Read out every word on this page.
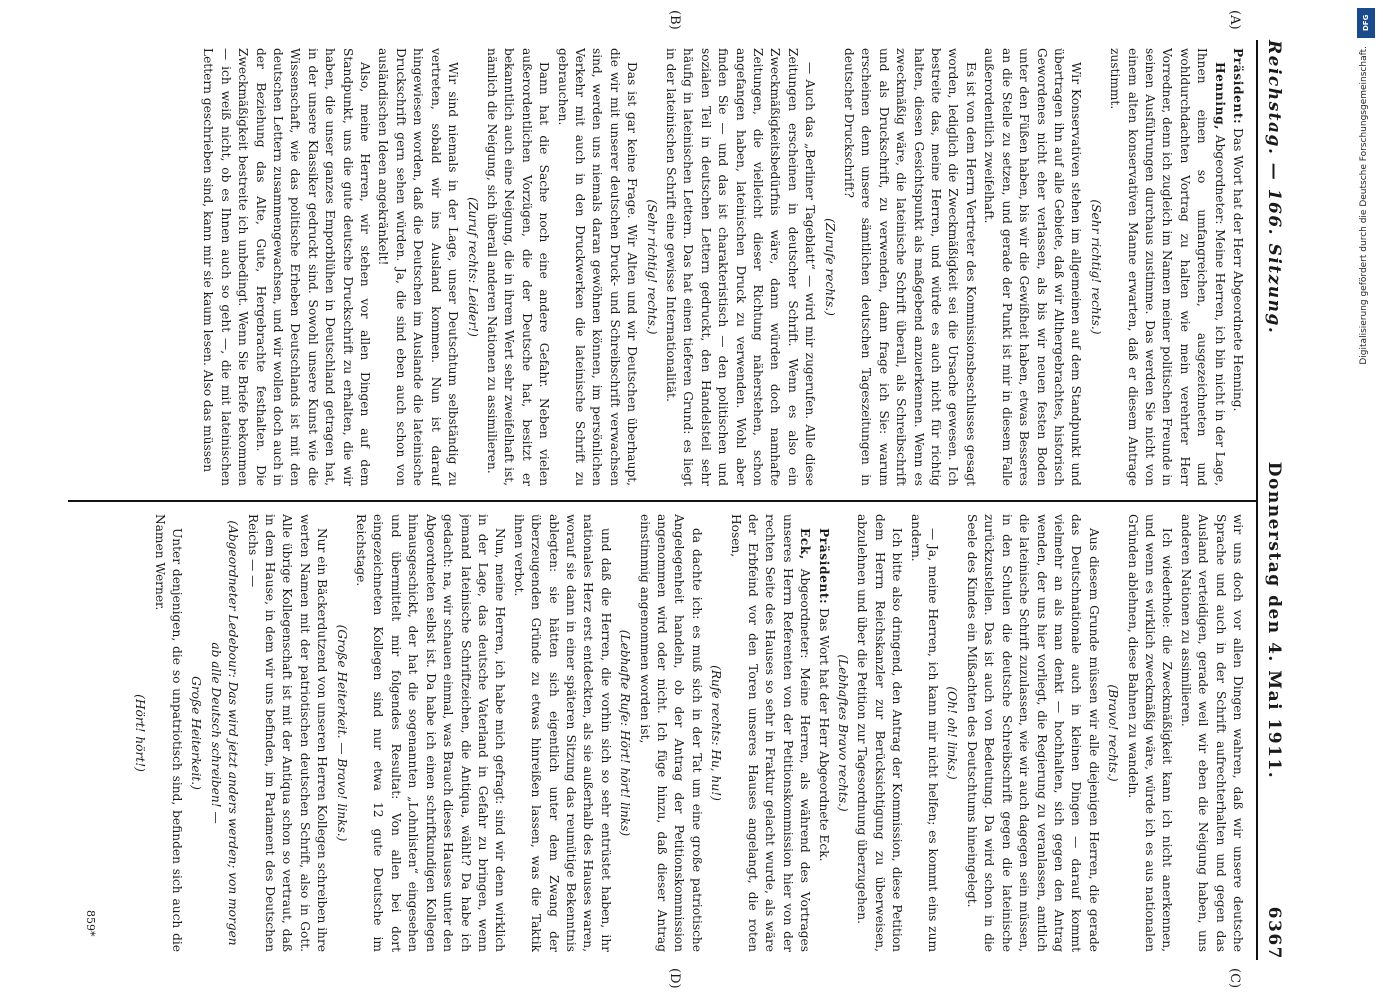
Reichstag. — 166. Sitzung.
Donnerstag den 4. Mai 1911.
6367
(A)
(B)
(C)
(D)

Präsident: Das Wort hat der Herr Abgeordnete Henning.

Henning, Abgeordneter: Meine Herren, ich bin nicht in der Lage, Ihnen einen so umfangreichen, ausgezeichneten und wohldurchdachten Vortrag zu halten wie mein verehrter Herr Vorredner, denn ich zugleich im Namen meiner politischen Freunde in seinen Ausführungen durchaus zustimme. Das werden Sie nicht von einem alten konservativen Manne erwarten, daß er diesem Antrage zustimmt.

(Sehr richtig! rechts.)

Wir Konservativen stehen im allgemeinen auf dem Standpunkt und übertragen ihn auf alle Gebiete, daß wir Althergebrachtes, historisch Gewordenes nicht eher verlassen, als bis wir neuen festen Boden unter den Füßen haben, bis wir die Gewißheit haben, etwas Besseres an die Stelle zu setzen, und gerade der Punkt ist mir in diesem Falle außerordentlich zweifelhaft.

Es ist von dem Herrn Vertreter des Kommissionsbeschlusses gesagt worden, lediglich die Zweckmäßigkeit sei die Ursache gewesen. Ich bestreite das, meine Herren, und würde es auch nicht für richtig halten, diesen Gesichtspunkt als maßgebend anzuerkennen. Wenn es zweckmäßig wäre, die lateinische Schrift überall, als Schreibschrift und als Druckschrift, zu verwenden, dann frage ich Sie: warum erscheinen denn unsere sämtlichen deutschen Tageszeitungen in deutscher Druckschrift?

(Zurufe rechts.)

— Auch das „Berliner Tageblatt“ — wird mir zugerufen. Alle diese Zeitungen erscheinen in deutscher Schrift. Wenn es also ein Zweckmäßigkeitsbedürfnis wäre, dann würden doch namhafte Zeitungen, die vielleicht dieser Richtung näherstehen, schon angefangen haben, lateinischen Druck zu verwenden. Wohl aber finden Sie — und das ist charakteristisch — den politischen und sozialen Teil in deutschen Lettern gedruckt, den Handelsteil sehr häufig in lateinischen Lettern. Das hat einen tieferen Grund: es liegt in der lateinischen Schrift eine gewisse Internationalität.

(Sehr richtig! rechts.)

Das ist gar keine Frage. Wir Alten und wir Deutschen überhaupt, die wir mit unserer deutschen Druck- und Schreibschrift verwachsen sind, werden uns niemals daran gewöhnen können, im persönlichen Verkehr mit auch in den Druckwerken die lateinische Schrift zu gebrauchen.

Dann hat die Sache noch eine andere Gefahr. Neben vielen außerordentlichen Vorzügen, die der Deutsche hat, besitzt er bekanntlich auch eine Neigung, die in ihrem Wert sehr zweifelhaft ist, nämlich die Neigung, sich überall anderen Nationen zu assimilieren.

(Zuruf rechts: Leider!)

Wir sind niemals in der Lage, unser Deutschtum selbständig zu vertreten, sobald wir ins Ausland kommen. Nun ist darauf hingewiesen worden, daß die Deutschen im Auslande die lateinische Druckschrift gern sehen würden. Ja, die sind eben auch schon von ausländischen Ideen angekränkelt!

Also, meine Herren, wir stehen vor allen Dingen auf dem Standpunkt, uns die gute deutsche Druckschrift zu erhalten, die wir haben, die unser ganzes Emporblühen in Deutschland getragen hat, in der unsere Klassiker gedruckt sind. Sowohl unsere Kunst wie die Wissenschaft, wie das politische Erheben Deutschlands ist mit den deutschen Lettern zusammengewachsen, und wir wollen doch auch in der Beziehung das Alte, Gute, Hergebrachte festhalten. Die Zweckmäßigkeit bestreite ich unbedingt. Wenn Sie Briefe bekommen — ich weiß nicht, ob es Ihnen auch so geht —, die mit lateinischen Lettern geschrieben sind, kann mir sie kaum lesen. Also das müssen

wir uns doch vor allen Dingen wahren, daß wir unsere deutsche Sprache und auch in der Schrift aufrechterhalten und gegen das Ausland verteidigen, gerade weil wir eben die Neigung haben, uns anderen Nationen zu assimilieren.

Ich wiederhole: die Zweckmäßigkeit kann ich nicht anerkennen, und wenn es wirklich zweckmäßig wäre, würde ich es aus nationalen Gründen ablehnen, diese Bahnen zu wandeln.

(Bravo! rechts.)

Aus diesem Grunde müssen wir alle diejenigen Herren, die gerade das Deutschnationale auch in kleinen Dingen — darauf kommt vielmehr an als man denkt — hochhalten, sich gegen den Antrag wenden, der uns hier vorliegt, die Regierung zu veranlassen, amtlich die lateinische Schrift zuzulassen, wie wir auch dagegen sein müssen, in den Schulen die deutsche Schreibschrift gegen die lateinische zurückzustellen. Das ist auch von Bedeutung. Da wird schon in die Seele des Kindes ein Mißachten des Deutschtums hineingelegt.

(Oh! oh! links.)

— Ja, meine Herren, ich kann mir nicht helfen; es kommt eins zum andern.

Ich bitte also dringend, den Antrag der Kommission, diese Petition dem Herrn Reichskanzler zur Berücksichtigung zu überweisen, abzulehnen und über die Petition zur Tagesordnung überzugehen.

(Lebhaftes Bravo rechts.)

Präsident: Das Wort hat der Herr Abgeordnete Eck.

Eck, Abgeordneter: Meine Herren, als während des Vortrages unseres Herrn Referenten von der Petitionskommission hier von der rechten Seite des Hauses so sehr in Fraktur gelacht wurde, als wäre der Erbfeind vor den Toren unseres Hauses angelangt, die roten Hosen,

(Rufe rechts: Hu, hu!)

da dachte ich: es muß sich in der Tat um eine große patriotische Angelegenheit handeln, ob der Antrag der Petitionskommission angenommen wird oder nicht. Ich füge hinzu, daß dieser Antrag einstimmig angenommen worden ist,

(Lebhafte Rufe: Hört! hört! links)

und daß die Herren, die vorhin sich so sehr entrüstet haben, ihr nationales Herz erst entdeckten, als sie außerhalb des Hauses waren, worauf sie dann in einer späteren Sitzung das reumütige Bekenntnis ablegten: sie hätten sich eigentlich unter dem Zwang der überzeugenden Gründe zu etwas hinreißen lassen, was die Taktik ihnen verbot.

Nun, meine Herren, ich habe mich gefragt: sind wir denn wirklich in der Lage, das deutsche Vaterland in Gefahr zu bringen, wenn jemand lateinische Schriftzeichen, die Antiqua, wählt? Da habe ich gedacht: na, wir schauen einmal, was Brauch dieses Hauses unter den Abgeordneten selbst ist. Da habe ich einen schriftkundigen Kollegen hinausgeschickt, der hat die sogenannten „Lohnlisten“ eingesehen und übermittelt mir folgendes Resultat: Von allen bei dort eingezeichneten Kollegen sind nur etwa 12 gute Deutsche im Reichstage.

(Große Heiterkeit. — Bravo! links.)

Nur ein Bäckerdutzend von unseren Herren Kollegen schreiben ihre werten Namen mit der patriotischen deutschen Schrift, also in Gott. Alle übrige Kollegenschaft ist mit der Antiqua schon so vertraut, daß in dem Hause, in dem wir uns befinden, im Parlament des Deutschen Reichs — —

(Abgeordneter Ledebour: Das wird jetzt anders werden; von morgen ab alle Deutsch schreiben! —

Große Heiterkeit.)

Unter denjenigen, die so unpatriotisch sind, befinden sich auch die Namen Werner.

(Hört! hört!)

859*
DFG
Digitalisierung gefördert durch die Deutsche Forschungsgemeinschaft.
